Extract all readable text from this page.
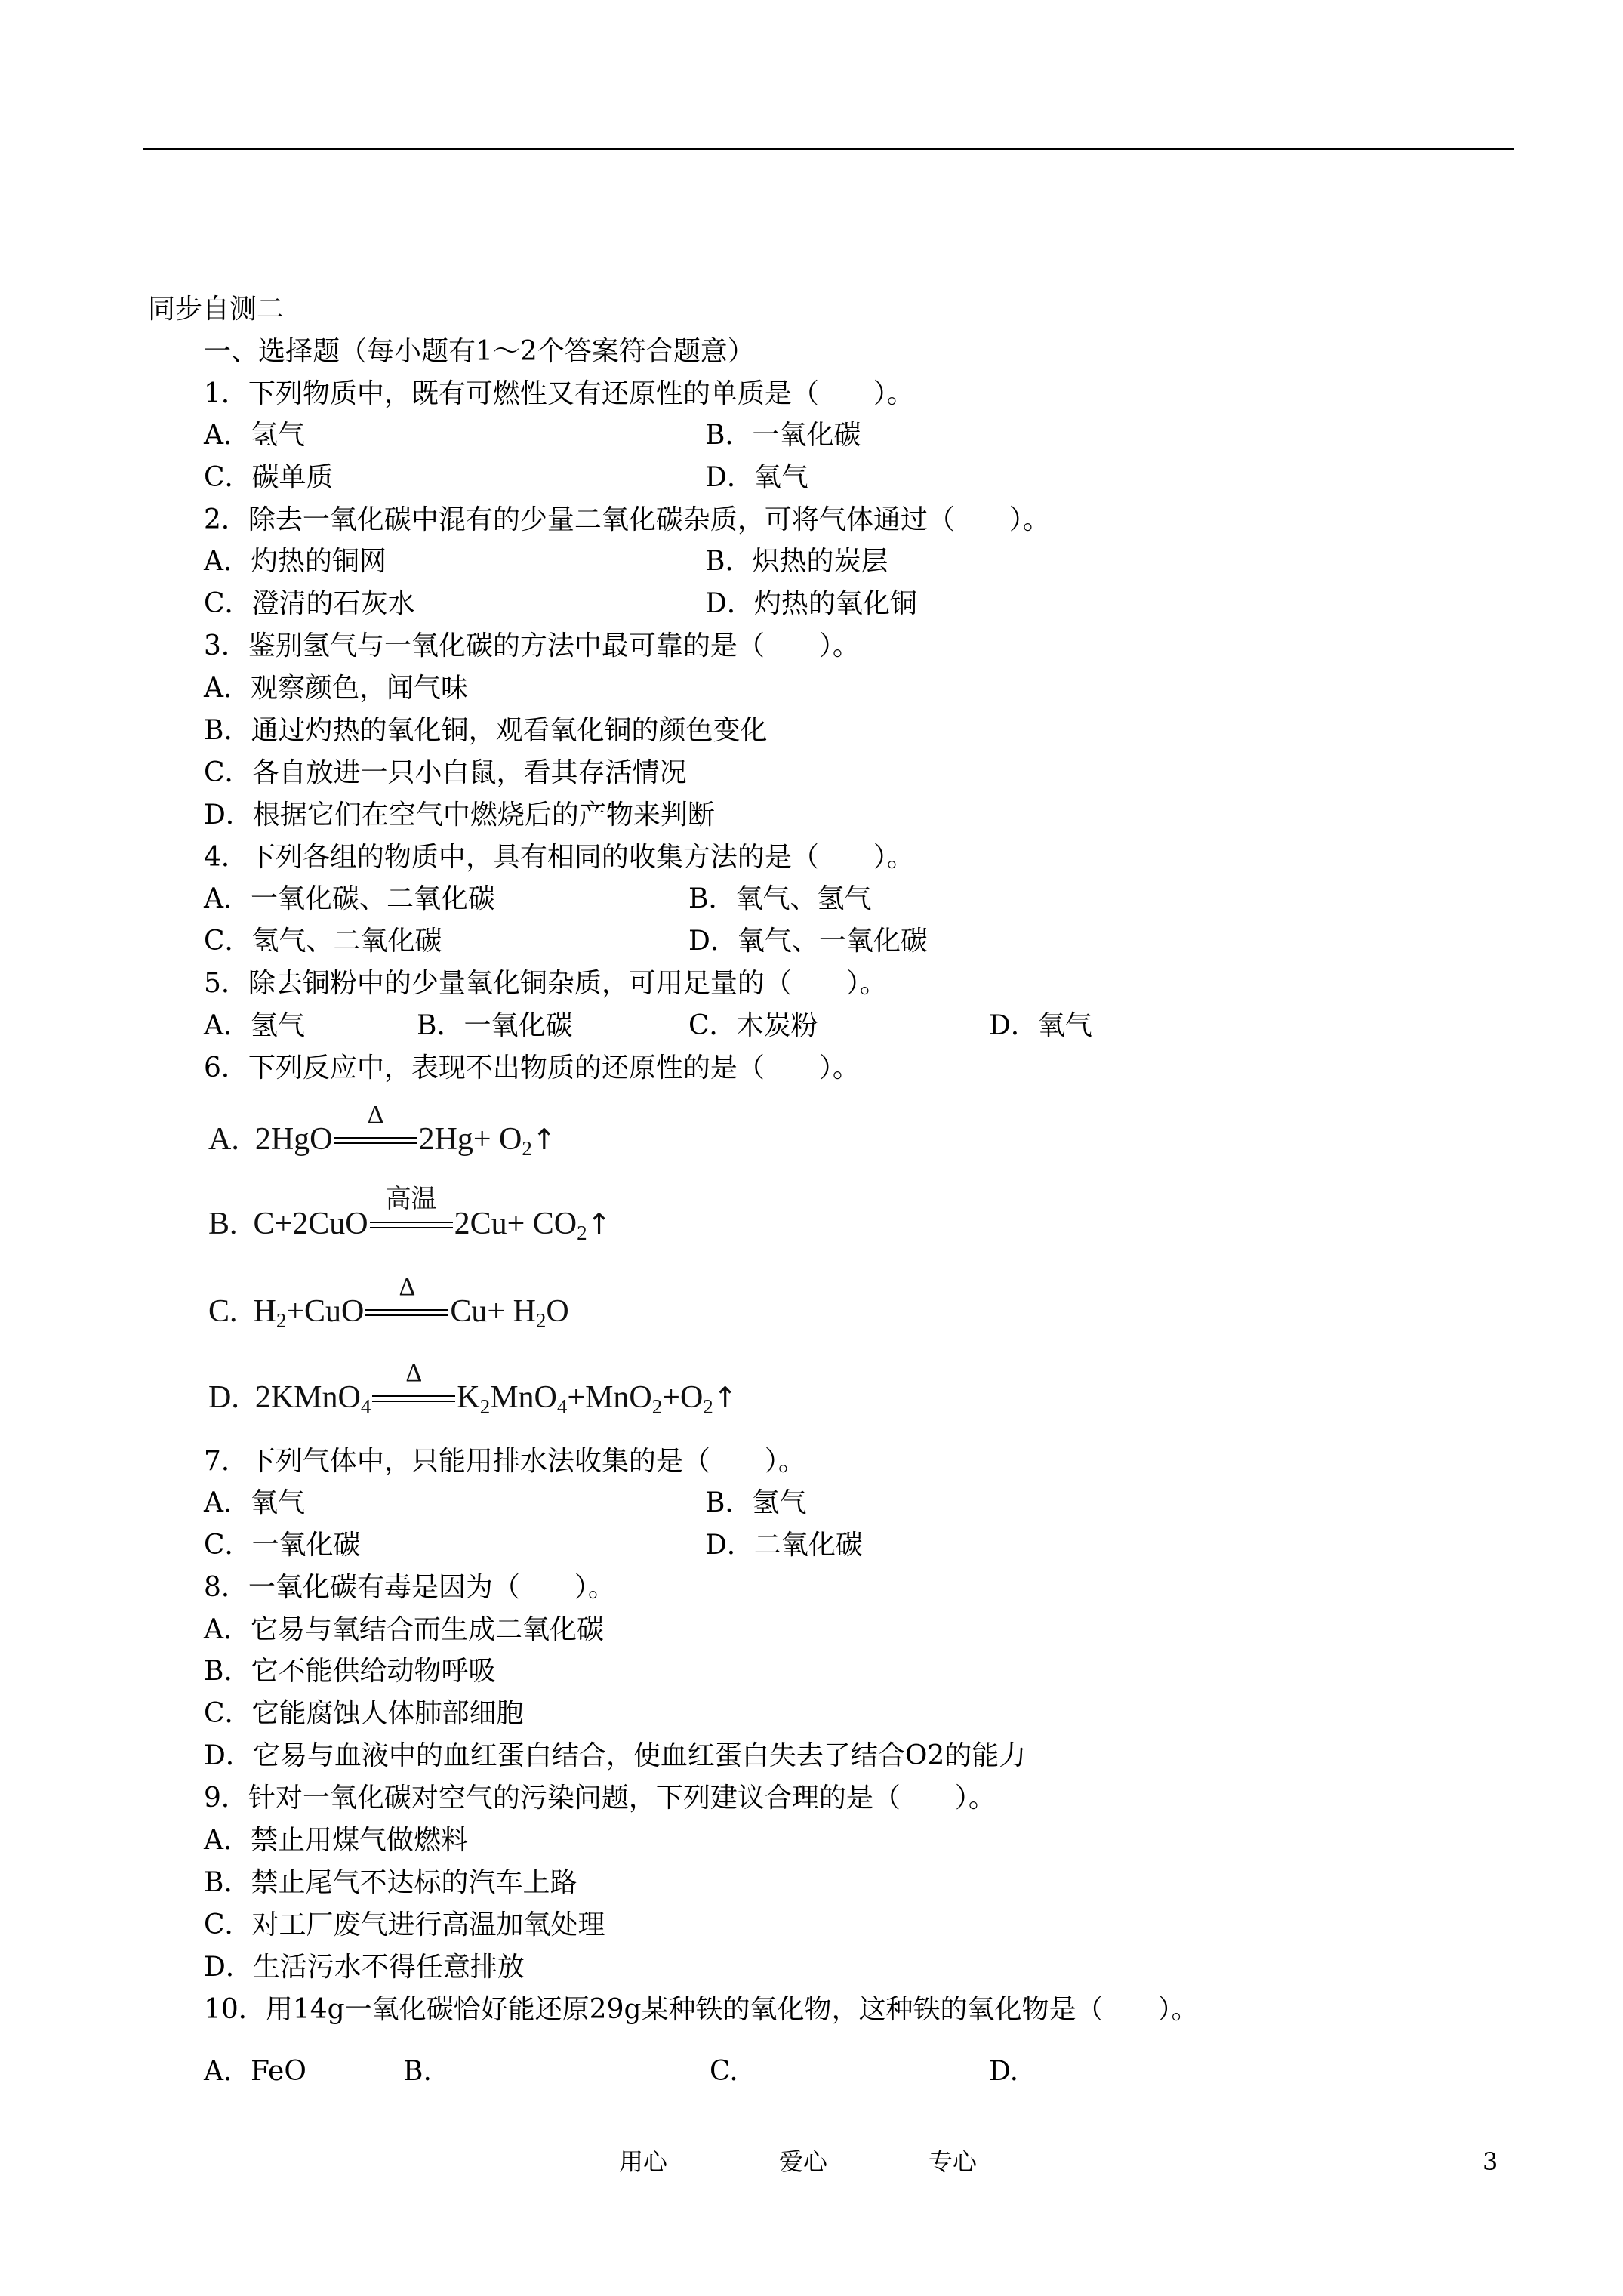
同步自测二
一、选择题（每小题有1～2个答案符合题意）
1．下列物质中，既有可燃性又有还原性的单质是（　　）。
A．氢气	B．一氧化碳
C．碳单质	D．氧气
2．除去一氧化碳中混有的少量二氧化碳杂质，可将气体通过（　　）。
A．灼热的铜网	B．炽热的炭层
C．澄清的石灰水	D．灼热的氧化铜
3．鉴别氢气与一氧化碳的方法中最可靠的是（　　）。
A．观察颜色，闻气味
B．通过灼热的氧化铜，观看氧化铜的颜色变化
C．各自放进一只小白鼠，看其存活情况
D．根据它们在空气中燃烧后的产物来判断
4．下列各组的物质中，具有相同的收集方法的是（　　）。
A．一氧化碳、二氧化碳	B．氧气、氢气
C．氢气、二氧化碳	D．氧气、一氧化碳
5．除去铜粉中的少量氧化铜杂质，可用足量的（　　）。
A．氢气	B．一氧化碳	C．木炭粉	D．氧气
6．下列反应中，表现不出物质的还原性的是（　　）。
A. 2HgO
Δ
$2Hg+ O_2↑$
B. C+2CuO
高温
$2Cu+ CO_2↑$
C. $H_2+CuO$
Δ
$Cu+ H_2O$
D. 2KMnO$_4$
Δ
$K_2MnO_4+MnO_2+O_2↑$
7．下列气体中，只能用排水法收集的是（　　）。
A．氧气	B．氢气
C．一氧化碳	D．二氧化碳
8．一氧化碳有毒是因为（　　）。
A．它易与氧结合而生成二氧化碳
B．它不能供给动物呼吸
C．它能腐蚀人体肺部细胞
D．它易与血液中的血红蛋白结合，使血红蛋白失去了结合O2的能力
9．针对一氧化碳对空气的污染问题，下列建议合理的是（　　）。
A．禁止用煤气做燃料
B．禁止尾气不达标的汽车上路
C．对工厂废气进行高温加氧处理
D．生活污水不得任意排放
10．用14g一氧化碳恰好能还原29g某种铁的氧化物，这种铁的氧化物是（　　）。
A．FeO	B.	C.	D.
用心	爱心	专心	3
